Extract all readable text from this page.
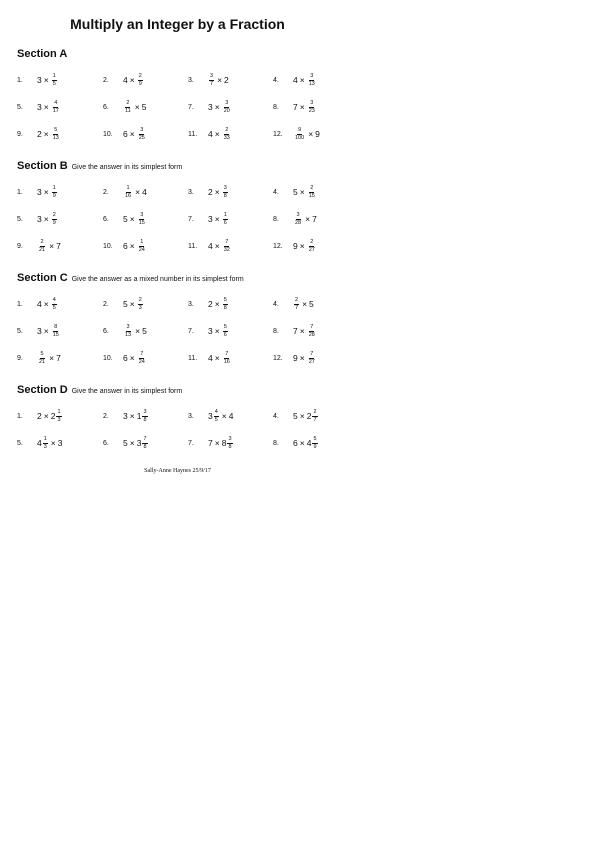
Multiply an Integer by a Fraction
Section A
1.	$3 \times \frac{1}{5}$	2.	$4 \times \frac{2}{9}$	3.	$\frac{3}{7} \times 2$	4.	$4 \times \frac{3}{13}$
5.	$3 \times \frac{4}{17}$	6.	$\frac{2}{11} \times 5$	7.	$3 \times \frac{3}{20}$	8.	$7 \times \frac{3}{23}$
9.	$2 \times \frac{5}{13}$	10.	$6 \times \frac{3}{25}$	11.	$4 \times \frac{2}{33}$	12.	$\frac{9}{100} \times 9$
Section B Give the answer in its simplest form
1.	$3 \times \frac{1}{9}$	2.	$\frac{1}{16} \times 4$	3.	$2 \times \frac{3}{8}$	4.	$5 \times \frac{2}{15}$
5.	$3 \times \frac{2}{9}$	6.	$5 \times \frac{3}{15}$	7.	$3 \times \frac{1}{6}$	8.	$\frac{3}{28} \times 7$
9.	$\frac{2}{21} \times 7$	10.	$6 \times \frac{1}{24}$	11.	$4 \times \frac{7}{32}$	12.	$9 \times \frac{2}{27}$
Section C Give the answer as a mixed number in its simplest form
1.	$4 \times \frac{4}{5}$	2.	$5 \times \frac{2}{3}$	3.	$2 \times \frac{5}{8}$	4.	$\frac{2}{7} \times 5$
5.	$3 \times \frac{8}{15}$	6.	$\frac{3}{13} \times 5$	7.	$3 \times \frac{5}{6}$	8.	$7 \times \frac{7}{28}$
9.	$\frac{5}{21} \times 7$	10.	$6 \times \frac{7}{24}$	11.	$4 \times \frac{7}{16}$	12.	$9 \times \frac{7}{27}$
Section D Give the answer in its simplest form
1.	$2 \times 2 \frac{1}{3}$	2.	$3 \times 1 \frac{3}{8}$	3.	$3 \frac{4}{5} \times 4$	4.	$5 \times 2 \frac{2}{7}$
5.	$4 \frac{1}{3} \times 3$	6.	$5 \times 3 \frac{7}{8}$	7.	$7 \times 8 \frac{3}{8}$	8.	$6 \times 4 \frac{5}{9}$
Sally-Anne Haynes 25/9/17
